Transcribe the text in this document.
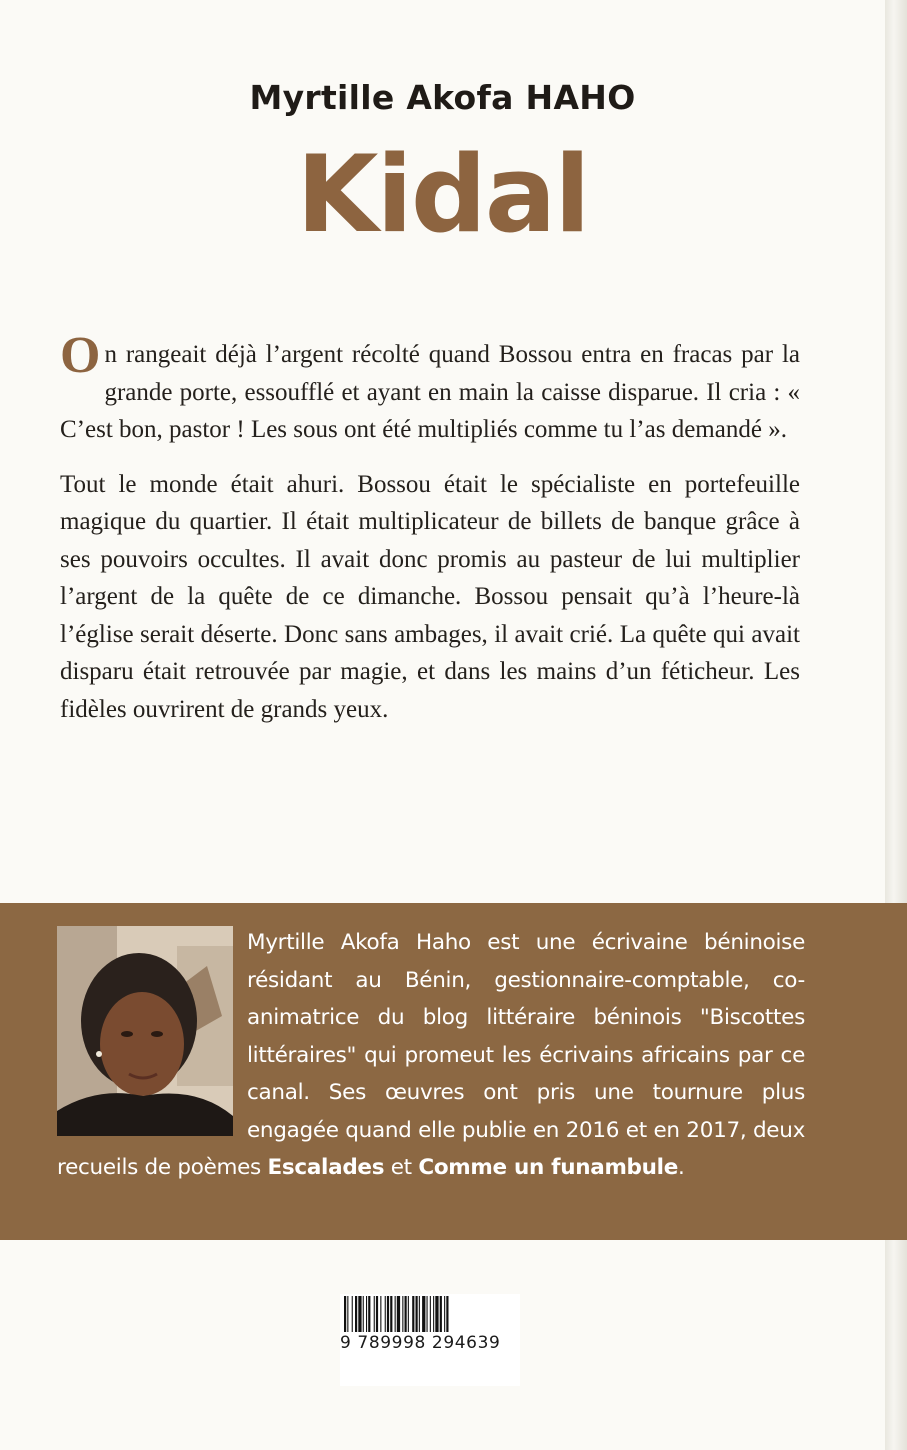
Myrtille Akofa HAHO
Kidal

On rangeait déjà l’argent récolté quand Bossou entra en fracas par la grande porte, essoufflé et ayant en main la caisse disparue. Il cria : « C’est bon, pastor ! Les sous ont été multipliés comme tu l’as demandé ».

Tout le monde était ahuri. Bossou était le spécialiste en portefeuille magique du quartier. Il était multiplicateur de billets de banque grâce à ses pouvoirs occultes. Il avait donc promis au pasteur de lui multiplier l’argent de la quête de ce dimanche. Bossou pensait qu’à l’heure-là l’église serait déserte. Donc sans ambages, il avait crié. La quête qui avait disparu était retrouvée par magie, et dans les mains d’un féticheur. Les fidèles ouvrirent de grands yeux.

Myrtille Akofa Haho est une écrivaine béninoise résidant au Bénin, gestionnaire-comptable, co-animatrice du blog littéraire béninois "Biscottes littéraires" qui promeut les écrivains africains par ce canal. Ses œuvres ont pris une tournure plus engagée quand elle publie en 2016 et en 2017, deux recueils de poèmes Escalades et Comme un funambule.
9 789998 294639
